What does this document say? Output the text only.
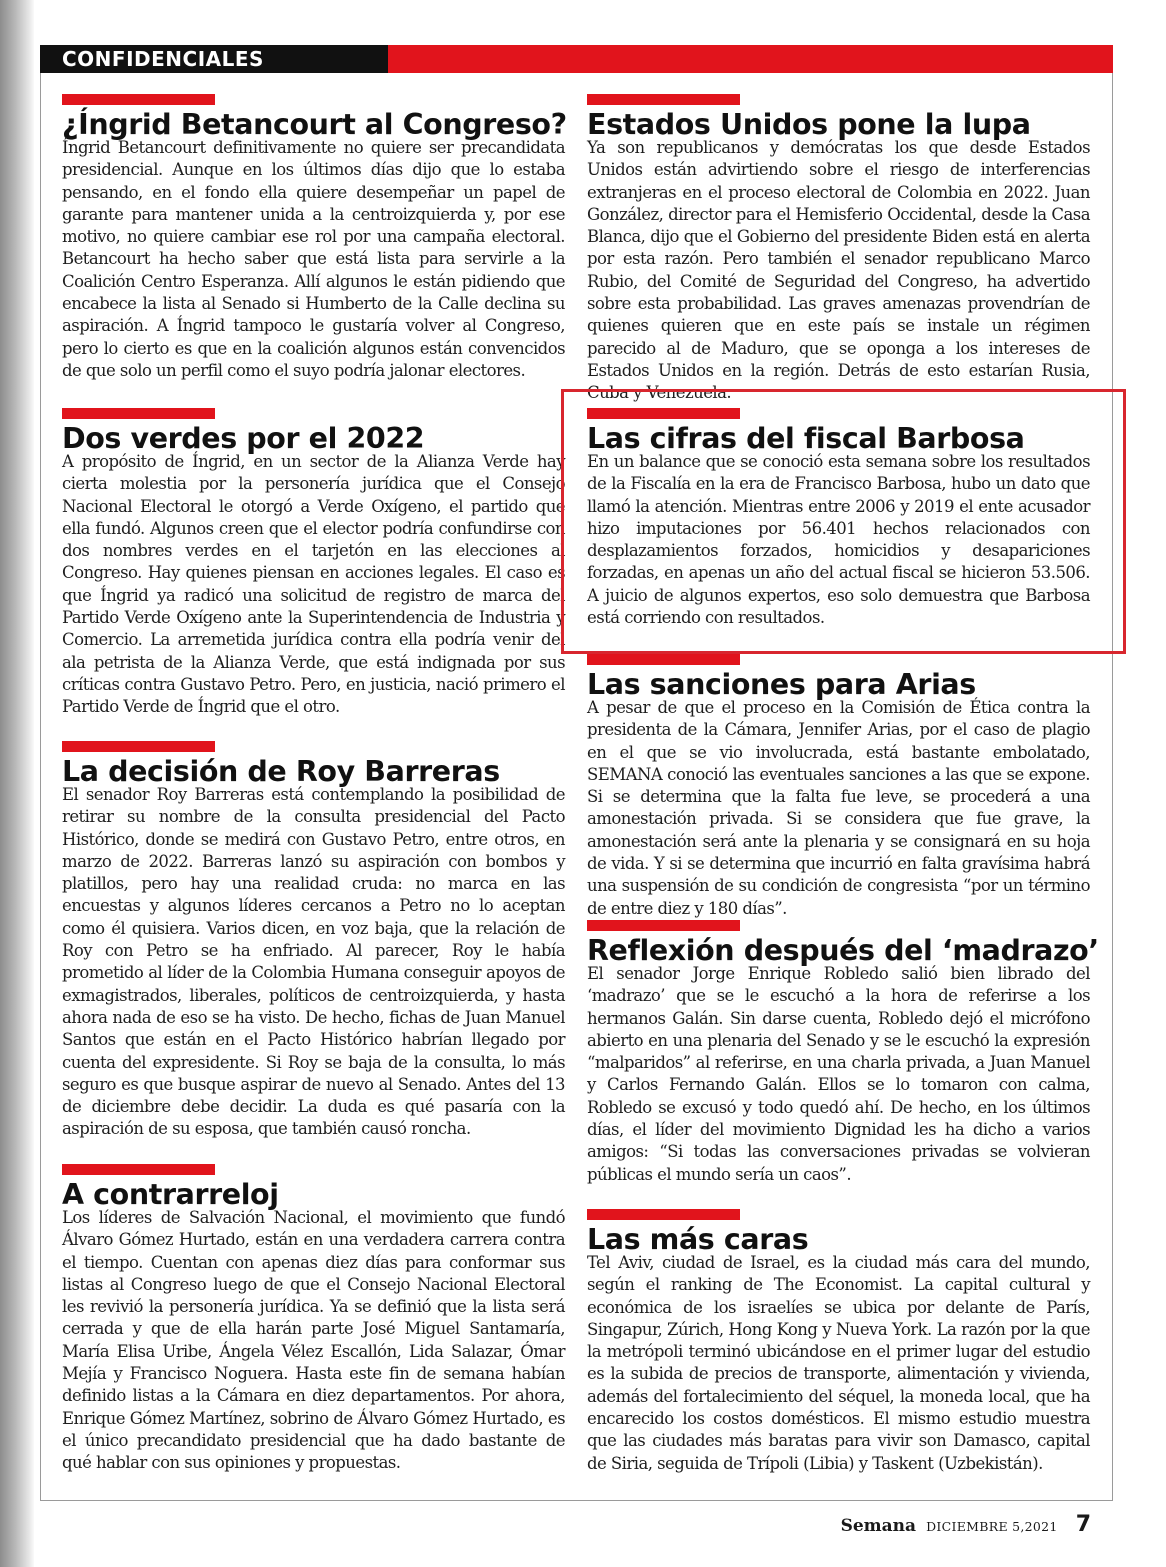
CONFIDENCIALES
¿Íngrid Betancourt al Congreso?

Íngrid Betancourt definitivamente no quiere ser precandidata presidencial. Aunque en los últimos días dijo que lo estaba pensando, en el fondo ella quiere desempeñar un papel de garante para mantener unida a la centroizquierda y, por ese motivo, no quiere cambiar ese rol por una campaña electoral. Betancourt ha hecho saber que está lista para servirle a la Coalición Centro Esperanza. Allí algunos le están pidiendo que encabece la lista al Senado si Humberto de la Calle declina su aspiración. A Íngrid tampoco le gustaría volver al Congreso, pero lo cierto es que en la coalición algunos están convencidos de que solo un perfil como el suyo podría jalonar electores.

Dos verdes por el 2022

A propósito de Íngrid, en un sector de la Alianza Verde hay cierta molestia por la personería jurídica que el Consejo Nacional Electoral le otorgó a Verde Oxígeno, el partido que ella fundó. Algunos creen que el elector podría confundirse con dos nombres verdes en el tarjetón en las elecciones al Congreso. Hay quienes piensan en acciones legales. El caso es que Íngrid ya radicó una solicitud de registro de marca del Partido Verde Oxígeno ante la Superintendencia de Industria y Comercio. La arremetida jurídica contra ella podría venir del ala petrista de la Alianza Verde, que está indignada por sus críticas contra Gustavo Petro. Pero, en justicia, nació primero el Partido Verde de Íngrid que el otro.

La decisión de Roy Barreras

El senador Roy Barreras está contemplando la posibilidad de retirar su nombre de la consulta presidencial del Pacto Histórico, donde se medirá con Gustavo Petro, entre otros, en marzo de 2022. Barreras lanzó su aspiración con bombos y platillos, pero hay una realidad cruda: no marca en las encuestas y algunos líderes cercanos a Petro no lo aceptan como él quisiera. Varios dicen, en voz baja, que la relación de Roy con Petro se ha enfriado. Al parecer, Roy le había prometido al líder de la Colombia Humana conseguir apoyos de exmagistrados, liberales, políticos de centroizquierda, y hasta ahora nada de eso se ha visto. De hecho, fichas de Juan Manuel Santos que están en el Pacto Histórico habrían llegado por cuenta del expresidente. Si Roy se baja de la consulta, lo más seguro es que busque aspirar de nuevo al Senado. Antes del 13 de diciembre debe decidir. La duda es qué pasaría con la aspiración de su esposa, que también causó roncha.

A contrarreloj

Los líderes de Salvación Nacional, el movimiento que fundó Álvaro Gómez Hurtado, están en una verdadera carrera contra el tiempo. Cuentan con apenas diez días para conformar sus listas al Congreso luego de que el Consejo Nacional Electoral les revivió la personería jurídica. Ya se definió que la lista será cerrada y que de ella harán parte José Miguel Santamaría, María Elisa Uribe, Ángela Vélez Escallón, Lida Salazar, Ómar Mejía y Francisco Noguera. Hasta este fin de semana habían definido listas a la Cámara en diez departamentos. Por ahora, Enrique Gómez Martínez, sobrino de Álvaro Gómez Hurtado, es el único precandidato presidencial que ha dado bastante de qué hablar con sus opiniones y propuestas.

Estados Unidos pone la lupa

Ya son republicanos y demócratas los que desde Estados Unidos están advirtiendo sobre el riesgo de interferencias extranjeras en el proceso electoral de Colombia en 2022. Juan González, director para el Hemisferio Occidental, desde la Casa Blanca, dijo que el Gobierno del presidente Biden está en alerta por esta razón. Pero también el senador republicano Marco Rubio, del Comité de Seguridad del Congreso, ha advertido sobre esta probabilidad. Las graves amenazas provendrían de quienes quieren que en este país se instale un régimen parecido al de Maduro, que se oponga a los intereses de Estados Unidos en la región. Detrás de esto estarían Rusia, Cuba y Venezuela.

Las cifras del fiscal Barbosa

En un balance que se conoció esta semana sobre los resultados de la Fiscalía en la era de Francisco Barbosa, hubo un dato que llamó la atención. Mientras entre 2006 y 2019 el ente acusador hizo imputaciones por 56.401 hechos relacionados con desplazamientos forzados, homicidios y desapariciones forzadas, en apenas un año del actual fiscal se hicieron 53.506. A juicio de algunos expertos, eso solo demuestra que Barbosa está corriendo con resultados.

Las sanciones para Arias

A pesar de que el proceso en la Comisión de Ética contra la presidenta de la Cámara, Jennifer Arias, por el caso de plagio en el que se vio involucrada, está bastante embolatado, SEMANA conoció las eventuales sanciones a las que se expone. Si se determina que la falta fue leve, se procederá a una amonestación privada. Si se considera que fue grave, la amonestación será ante la plenaria y se consignará en su hoja de vida. Y si se determina que incurrió en falta gravísima habrá una suspensión de su condición de congresista “por un término de entre diez y 180 días”.

Reflexión después del ‘madrazo’

El senador Jorge Enrique Robledo salió bien librado del ‘madrazo’ que se le escuchó a la hora de referirse a los hermanos Galán. Sin darse cuenta, Robledo dejó el micrófono abierto en una plenaria del Senado y se le escuchó la expresión “malparidos” al referirse, en una charla privada, a Juan Manuel y Carlos Fernando Galán. Ellos se lo tomaron con calma, Robledo se excusó y todo quedó ahí. De hecho, en los últimos días, el líder del movimiento Dignidad les ha dicho a varios amigos: “Si todas las conversaciones privadas se volvieran públicas el mundo sería un caos”.

Las más caras

Tel Aviv, ciudad de Israel, es la ciudad más cara del mundo, según el ranking de The Economist. La capital cultural y económica de los israelíes se ubica por delante de París, Singapur, Zúrich, Hong Kong y Nueva York. La razón por la que la metrópoli terminó ubicándose en el primer lugar del estudio es la subida de precios de transporte, alimentación y vivienda, además del fortalecimiento del séquel, la moneda local, que ha encarecido los costos domésticos. El mismo estudio muestra que las ciudades más baratas para vivir son Damasco, capital de Siria, seguida de Trípoli (Libia) y Taskent (Uzbekistán).

Semana DICIEMBRE 5,2021 7
